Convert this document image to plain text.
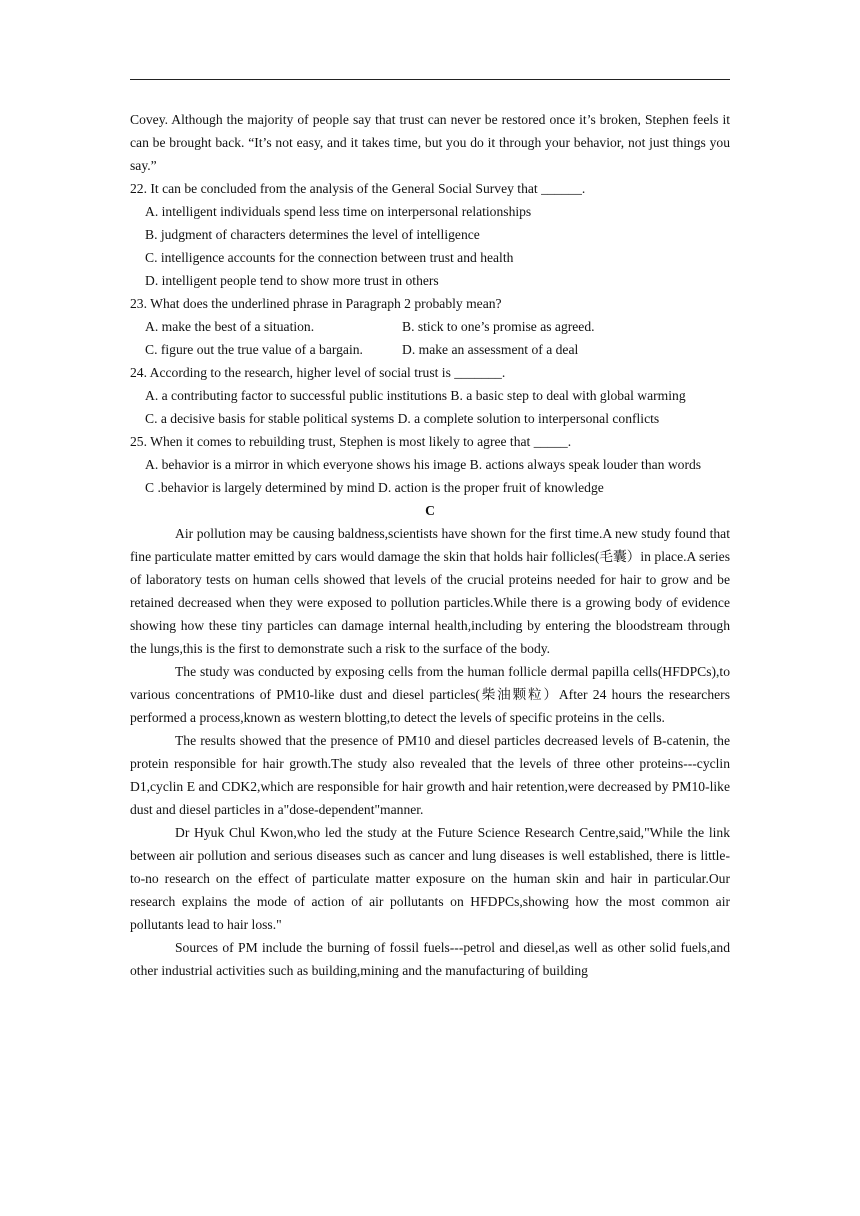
Covey. Although the majority of people say that trust can never be restored once it’s broken, Stephen feels it can be brought back. “It’s not easy, and it takes time, but you do it through your behavior, not just things you say.”

22. It can be concluded from the analysis of the General Social Survey that ______.

A. intelligent individuals spend less time on interpersonal relationships

B. judgment of characters determines the level of intelligence

C. intelligence accounts for the connection between trust and health

D. intelligent people tend to show more trust in others

23. What does the underlined phrase in Paragraph 2 probably mean?

A. make the best of a situation.	B. stick to one’s promise as agreed.

C. figure out the true value of a bargain.	D. make an assessment of a deal

24. According to the research, higher level of social trust is _______.

A. a contributing factor to successful public institutions B. a basic step to deal with global warming

C. a decisive basis for stable political systems D. a complete solution to interpersonal conflicts

25. When it comes to rebuilding trust, Stephen is most likely to agree that _____.

A. behavior is a mirror in which everyone shows his image B. actions always speak louder than words

C .behavior is largely determined by mind D. action is the proper fruit of knowledge

C

Air pollution may be causing baldness,scientists have shown for the first time.A new study found that fine particulate matter emitted by cars would damage the skin that holds hair follicles(毛囊）in place.A series of laboratory tests on human cells showed that levels of the crucial proteins needed for hair to grow and be retained decreased when they were exposed to pollution particles.While there is a growing body of evidence showing how these tiny particles can damage internal health,including by entering the bloodstream through the lungs,this is the first to demonstrate such a risk to the surface of the body.

The study was conducted by exposing cells from the human follicle dermal papilla cells(HFDPCs),to various concentrations of PM10-like dust and diesel particles(柴油颗粒）After 24 hours the researchers performed a process,known as western blotting,to detect the levels of specific proteins in the cells.

The results showed that the presence of PM10 and diesel particles decreased levels of B-catenin, the protein responsible for hair growth.The study also revealed that the levels of three other proteins---cyclin D1,cyclin E and CDK2,which are responsible for hair growth and hair retention,were decreased by PM10-like dust and diesel particles in a"dose-dependent"manner.

Dr Hyuk Chul Kwon,who led the study at the Future Science Research Centre,said,"While the link between air pollution and serious diseases such as cancer and lung diseases is well established, there is little-to-no research on the effect of particulate matter exposure on the human skin and hair in particular.Our research explains the mode of action of air pollutants on HFDPCs,showing how the most common air pollutants lead to hair loss."

Sources of PM include the burning of fossil fuels---petrol and diesel,as well as other solid fuels,and other industrial activities such as building,mining and the manufacturing of building
